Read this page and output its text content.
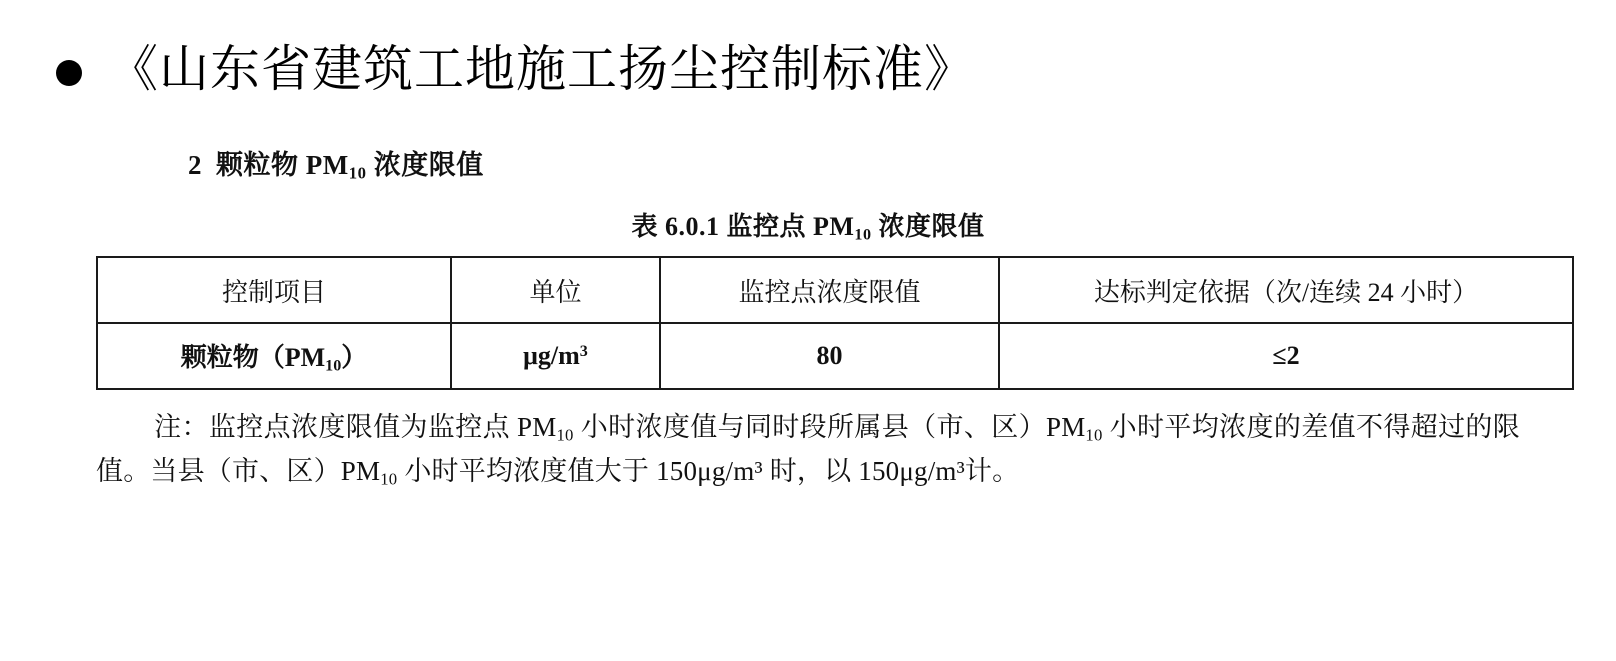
《山东省建筑工地施工扬尘控制标准》
2 颗粒物 $PM_{10}$ 浓度限值
表 6.0.1 监控点 $PM_{10}$ 浓度限值
控制项目	单位	监控点浓度限值	达标判定依据（次/连续 24 小时）
颗粒物$(PM_{10})$	$\mu g/m^3$	80	≤2
注：监控点浓度限值为监控点 $PM_{10}$ 小时浓度值与同时段所属县（市、区）$PM_{10}$ 小时平均浓度的差值不得超过的限值。当县（市、区）$PM_{10}$ 小时平均浓度值大于 150μg/m³ 时，以 150μg/m³计。
